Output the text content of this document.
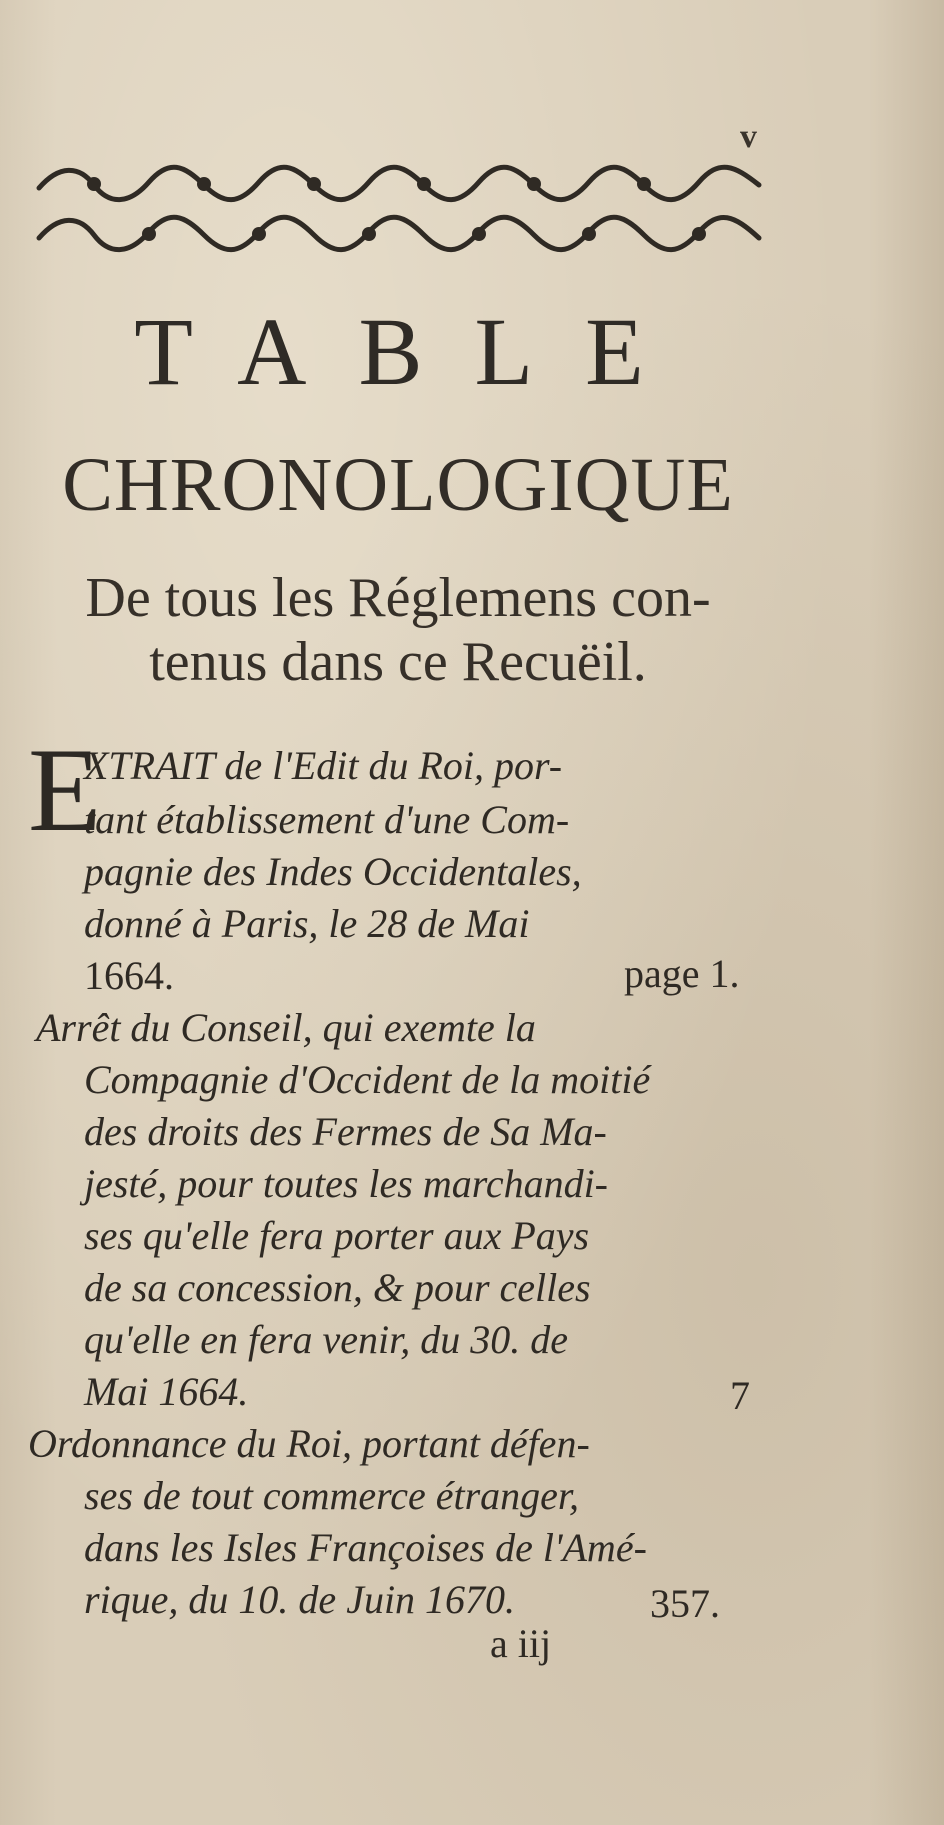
v
TABLE
CHRONOLOGIQUE
De tous les Réglemens con-
tenus dans ce Recuëil.
E
XTRAIT de l'Edit du Roi, por-
tant établissement d'une Com-
pagnie des Indes Occidentales,
donné à Paris, le 28 de Mai
1664.	page 1.
Arrêt du Conseil, qui exemte la
Compagnie d'Occident de la moitié
des droits des Fermes de Sa Ma-
jesté, pour toutes les marchandi-
ses qu'elle fera porter aux Pays
de sa concession, & pour celles
qu'elle en fera venir, du 30. de
Mai 1664.	7
Ordonnance du Roi, portant défen-
ses de tout commerce étranger,
dans les Isles Françoises de l'Amé-
rique, du 10. de Juin 1670.	357.
a iij
